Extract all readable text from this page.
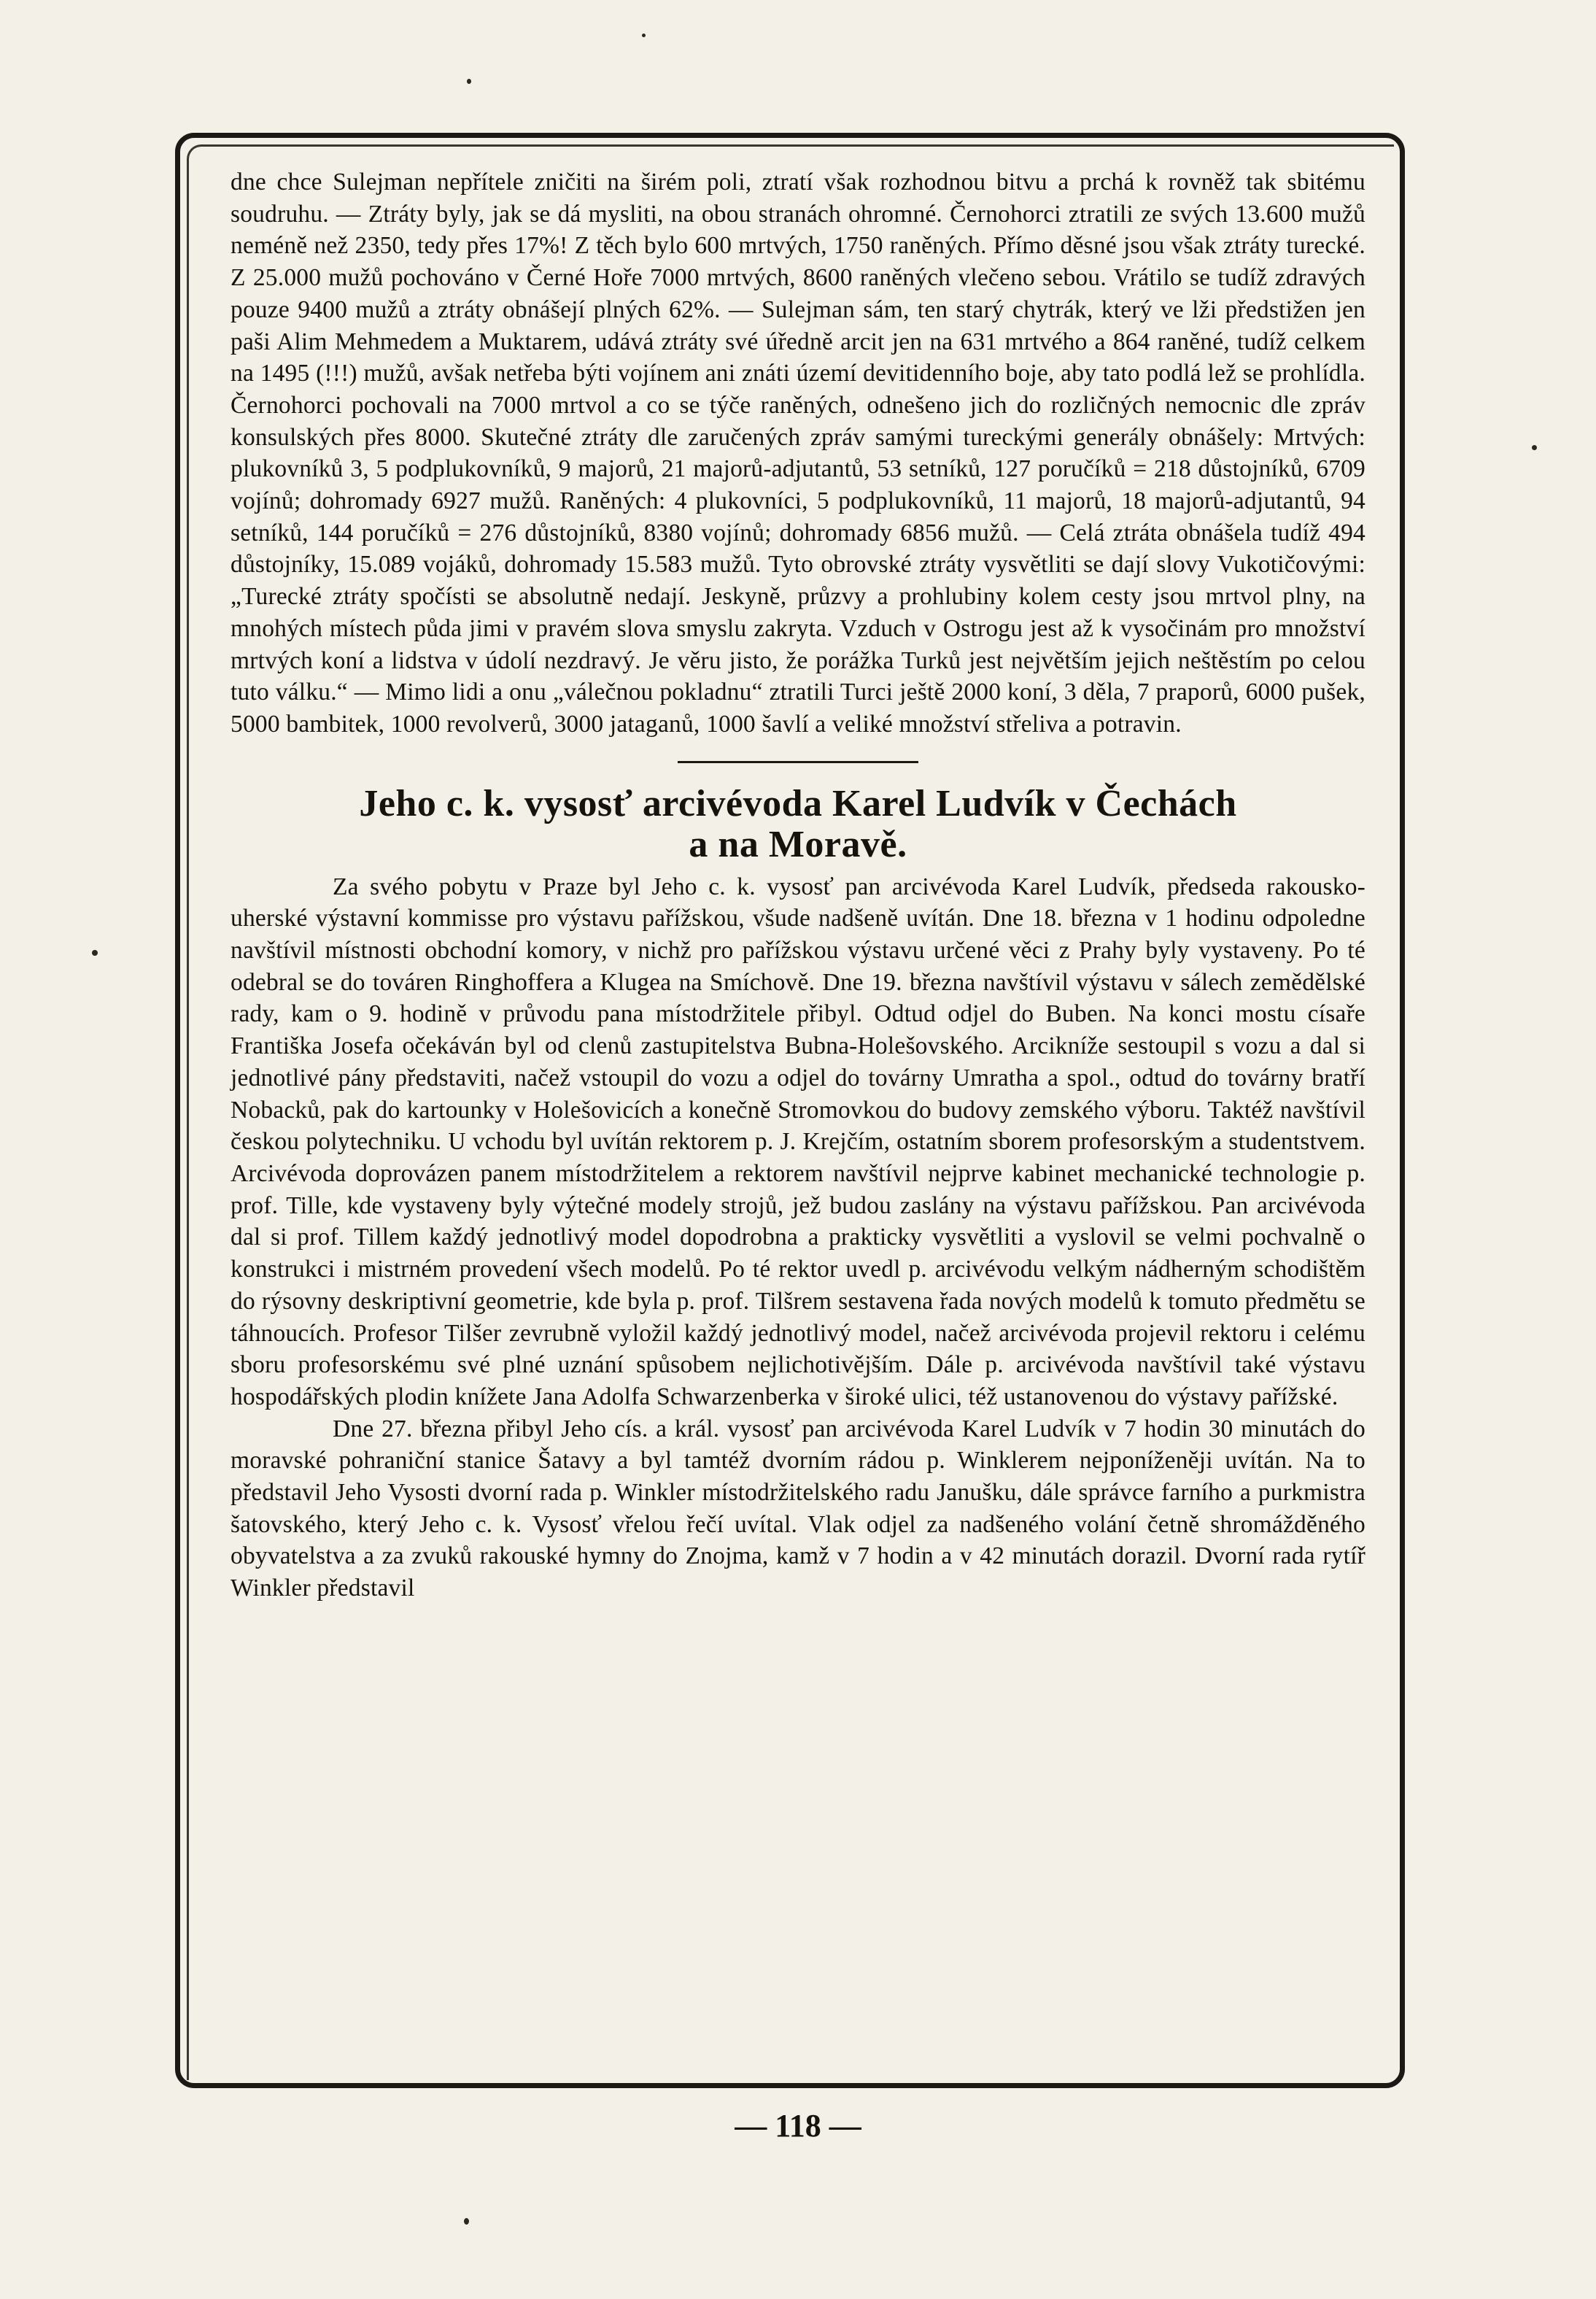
dne chce Sulejman nepřítele zničiti na širém poli, ztratí však rozhodnou bitvu a prchá k rovněž tak sbitému soudruhu. — Ztráty byly, jak se dá mysliti, na obou stranách ohromné. Černohorci ztratili ze svých 13.600 mužů neméně než 2350, tedy přes 17%! Z těch bylo 600 mrtvých, 1750 raněných. Přímo děsné jsou však ztráty turecké. Z 25.000 mužů pochováno v Černé Hoře 7000 mrtvých, 8600 raněných vlečeno sebou. Vrátilo se tudíž zdravých pouze 9400 mužů a ztráty obnášejí plných 62%. — Sulejman sám, ten starý chytrák, který ve lži předstižen jen paši Alim Mehmedem a Muktarem, udává ztráty své úředně arcit jen na 631 mrtvého a 864 raněné, tudíž celkem na 1495 (!!!) mužů, avšak netřeba býti vojínem ani znáti území devitidenního boje, aby tato podlá lež se prohlídla. Černohorci pochovali na 7000 mrtvol a co se týče raněných, odnešeno jich do rozličných nemocnic dle zpráv konsulských přes 8000. Skutečné ztráty dle zaručených zpráv samými tureckými generály obnášely: Mrtvých: plukovníků 3, 5 podplukovníků, 9 majorů, 21 majorů-adjutantů, 53 setníků, 127 poručíků = 218 důstojníků, 6709 vojínů; dohromady 6927 mužů. Raněných: 4 plukovníci, 5 podplukovníků, 11 majorů, 18 majorů-adjutantů, 94 setníků, 144 poručíků = 276 důstojníků, 8380 vojínů; dohromady 6856 mužů. — Celá ztráta obnášela tudíž 494 důstojníky, 15.089 vojáků, dohromady 15.583 mužů. Tyto obrovské ztráty vysvětliti se dají slovy Vukotičovými: „Turecké ztráty spočísti se absolutně nedají. Jeskyně, průzvy a prohlubiny kolem cesty jsou mrtvol plny, na mnohých místech půda jimi v pravém slova smyslu zakryta. Vzduch v Ostrogu jest až k vysočinám pro množství mrtvých koní a lidstva v údolí nezdravý. Je věru jisto, že porážka Turků jest největším jejich neštěstím po celou tuto válku.“ — Mimo lidi a onu „válečnou pokladnu“ ztratili Turci ještě 2000 koní, 3 děla, 7 praporů, 6000 pušek, 5000 bambitek, 1000 revolverů, 3000 jataganů, 1000 šavlí a veliké množství střeliva a potravin.

Jeho c. k. vysosť arcivévoda Karel Ludvík v Čechách
a na Moravě.

Za svého pobytu v Praze byl Jeho c. k. vysosť pan arcivévoda Karel Ludvík, předseda rakousko-uherské výstavní kommisse pro výstavu pařížskou, všude nadšeně uvítán. Dne 18. března v 1 hodinu odpoledne navštívil místnosti obchodní komory, v nichž pro pařížskou výstavu určené věci z Prahy byly vystaveny. Po té odebral se do továren Ringhoffera a Klugea na Smíchově. Dne 19. března navštívil výstavu v sálech zemědělské rady, kam o 9. hodině v průvodu pana místodržitele přibyl. Odtud odjel do Buben. Na konci mostu císaře Františka Josefa očekáván byl od clenů zastupitelstva Bubna-Holešovského. Arcikníže sestoupil s vozu a dal si jednotlivé pány představiti, načež vstoupil do vozu a odjel do továrny Umratha a spol., odtud do továrny bratří Nobacků, pak do kartounky v Holešovicích a konečně Stromovkou do budovy zemského výboru. Taktéž navštívil českou polytechniku. U vchodu byl uvítán rektorem p. J. Krejčím, ostatním sborem profesorským a studentstvem. Arcivévoda doprovázen panem místodržitelem a rektorem navštívil nejprve kabinet mechanické technologie p. prof. Tille, kde vystaveny byly výtečné modely strojů, jež budou zaslány na výstavu pařížskou. Pan arcivévoda dal si prof. Tillem každý jednotlivý model dopodrobna a prakticky vysvětliti a vyslovil se velmi pochvalně o konstrukci i mistrném provedení všech modelů. Po té rektor uvedl p. arcivévodu velkým nádherným schodištěm do rýsovny deskriptivní geometrie, kde byla p. prof. Tilšrem sestavena řada nových modelů k tomuto předmětu se táhnoucích. Profesor Tilšer zevrubně vyložil každý jednotlivý model, načež arcivévoda projevil rektoru i celému sboru profesorskému své plné uznání spůsobem nejlichotivějším. Dále p. arcivévoda navštívil také výstavu hospodářských plodin knížete Jana Adolfa Schwarzenberka v široké ulici, též ustanovenou do výstavy pařížské.

Dne 27. března přibyl Jeho cís. a král. vysosť pan arcivévoda Karel Ludvík v 7 hodin 30 minutách do moravské pohraniční stanice Šatavy a byl tamtéž dvorním rádou p. Winklerem nejponíženěji uvítán. Na to představil Jeho Vysosti dvorní rada p. Winkler místodržitelského radu Janušku, dále správce farního a purkmistra šatovského, který Jeho c. k. Vysosť vřelou řečí uvítal. Vlak odjel za nadšeného volání četně shromážděného obyvatelstva a za zvuků rakouské hymny do Znojma, kamž v 7 hodin a v 42 minutách dorazil. Dvorní rada rytíř Winkler představil

— 118 —
